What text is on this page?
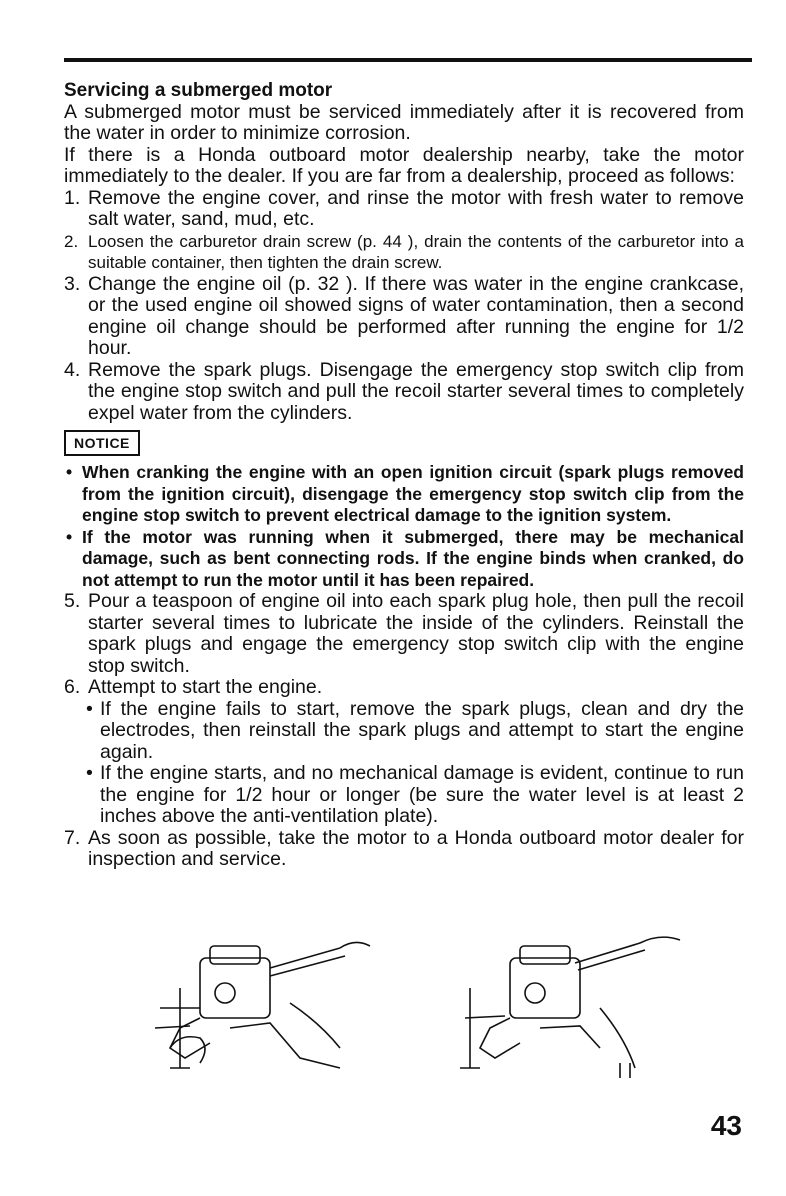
Servicing a submerged motor

A submerged motor must be serviced immediately after it is recovered from the water in order to minimize corrosion.

If there is a Honda outboard motor dealership nearby, take the motor immediately to the dealer. If you are far from a dealership, proceed as follows:

1. Remove the engine cover, and rinse the motor with fresh water to remove salt water, sand, mud, etc.
2. Loosen the carburetor drain screw (p. 44 ), drain the contents of the carburetor into a suitable container, then tighten the drain screw.
3. Change the engine oil (p. 32 ). If there was water in the engine crankcase, or the used engine oil showed signs of water contamination, then a second engine oil change should be performed after running the engine for 1/2 hour.
4. Remove the spark plugs. Disengage the emergency stop switch clip from the engine stop switch and pull the recoil starter several times to completely expel water from the cylinders.
NOTICE
• When cranking the engine with an open ignition circuit (spark plugs removed from the ignition circuit), disengage the emergency stop switch clip from the engine stop switch to prevent electrical damage to the ignition system.
• If the motor was running when it submerged, there may be mechanical damage, such as bent connecting rods. If the engine binds when cranked, do not attempt to run the motor until it has been repaired.
5. Pour a teaspoon of engine oil into each spark plug hole, then pull the recoil starter several times to lubricate the inside of the cylinders. Reinstall the spark plugs and engage the emergency stop switch clip with the engine stop switch.
6. Attempt to start the engine.
• If the engine fails to start, remove the spark plugs, clean and dry the electrodes, then reinstall the spark plugs and attempt to start the engine again.
• If the engine starts, and no mechanical damage is evident, continue to run the engine for 1/2 hour or longer (be sure the water level is at least 2 inches above the anti-ventilation plate).
7. As soon as possible, take the motor to a Honda outboard motor dealer for inspection and service.
43
